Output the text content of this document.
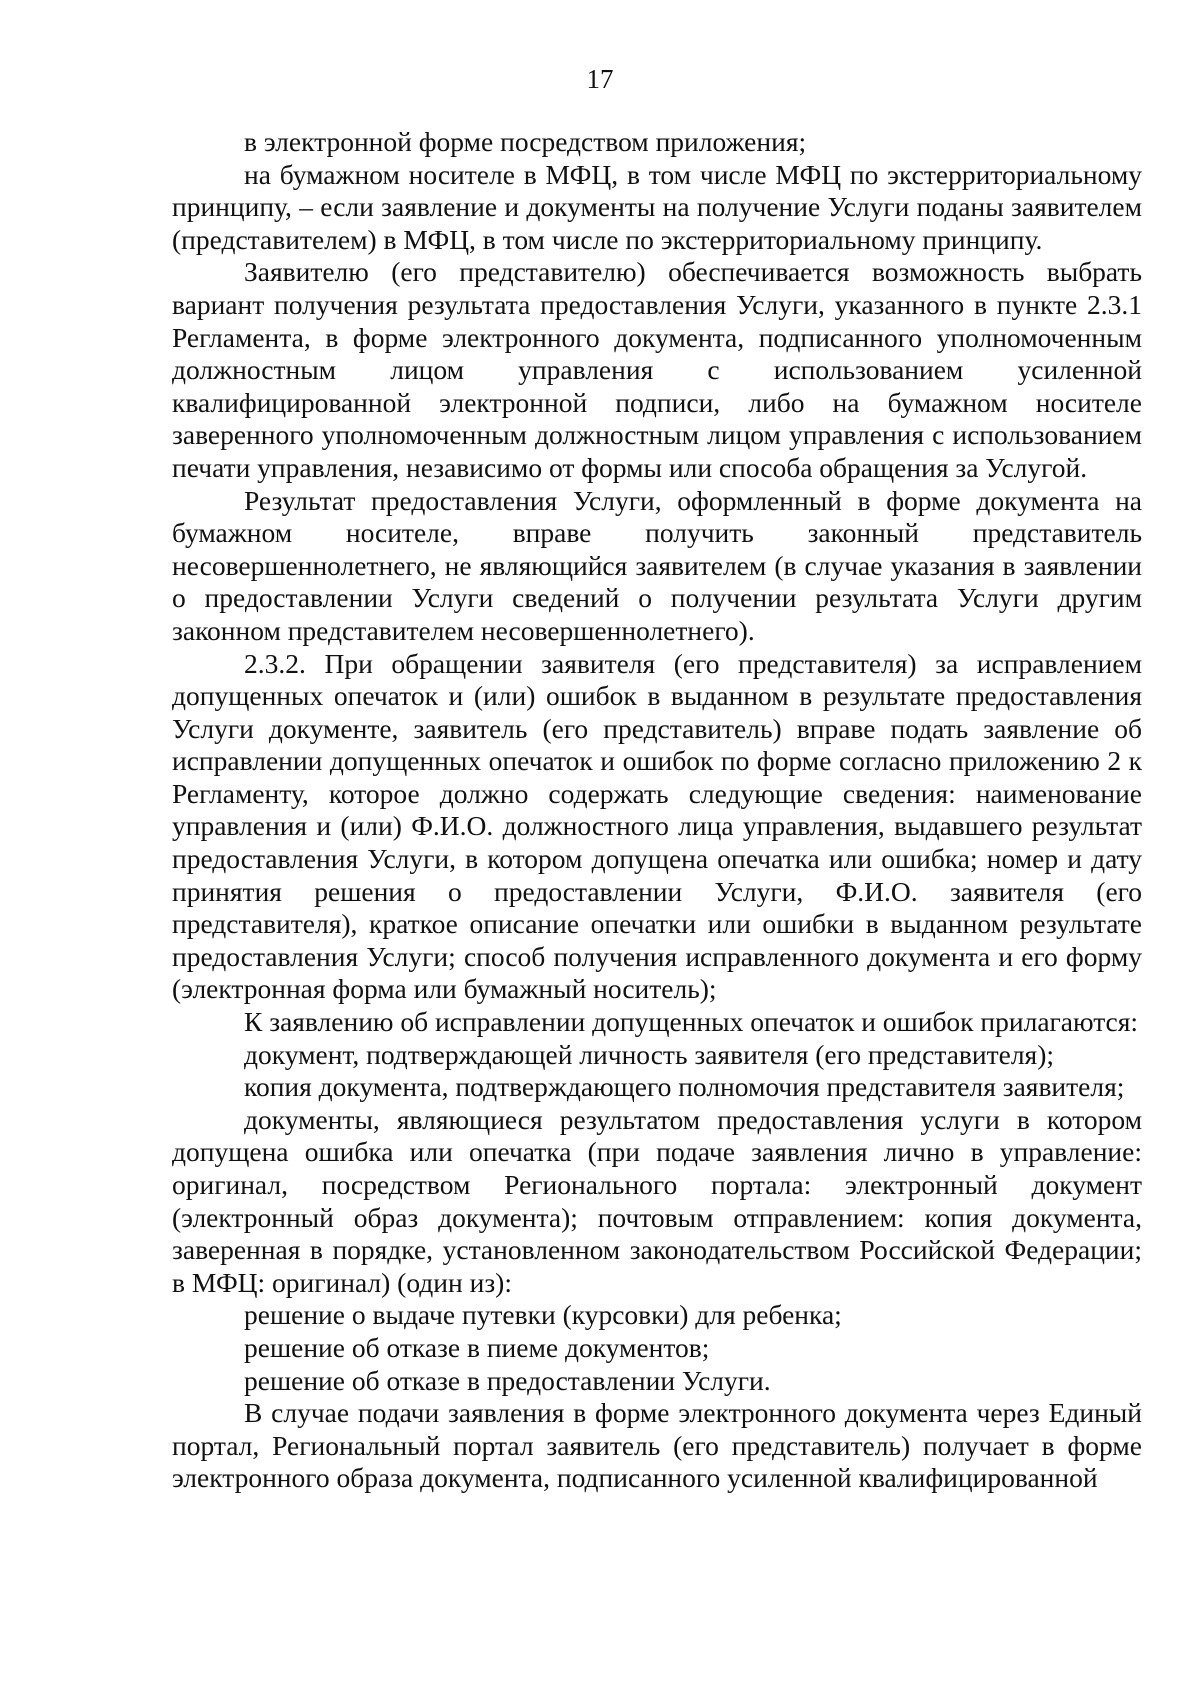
17

в электронной форме посредством приложения;

на бумажном носителе в МФЦ, в том числе МФЦ по экстерриториальному принципу, – если заявление и документы на получение Услуги поданы заявителем (представителем) в МФЦ, в том числе по экстерриториальному принципу.

Заявителю (его представителю) обеспечивается возможность выбрать вариант получения результата предоставления Услуги, указанного в пункте 2.3.1 Регламента, в форме электронного документа, подписанного уполномоченным должностным лицом управления с использованием усиленной квалифицированной электронной подписи, либо на бумажном носителе заверенного уполномоченным должностным лицом управления с использованием печати управления, независимо от формы или способа обращения за Услугой.

Результат предоставления Услуги, оформленный в форме документа на бумажном носителе, вправе получить законный представитель несовершеннолетнего, не являющийся заявителем (в случае указания в заявлении о предоставлении Услуги сведений о получении результата Услуги другим законном представителем несовершеннолетнего).

2.3.2. При обращении заявителя (его представителя) за исправлением допущенных опечаток и (или) ошибок в выданном в результате предоставления Услуги документе, заявитель (его представитель) вправе подать заявление об исправлении допущенных опечаток и ошибок по форме согласно приложению 2 к Регламенту, которое должно содержать следующие сведения: наименование управления и (или) Ф.И.О. должностного лица управления, выдавшего результат предоставления Услуги, в котором допущена опечатка или ошибка; номер и дату принятия решения о предоставлении Услуги, Ф.И.О. заявителя (его представителя), краткое описание опечатки или ошибки в выданном результате предоставления Услуги; способ получения исправленного документа и его форму (электронная форма или бумажный носитель);

К заявлению об исправлении допущенных опечаток и ошибок прилагаются:

документ, подтверждающей личность заявителя (его представителя);

копия документа, подтверждающего полномочия представителя заявителя;

документы, являющиеся результатом предоставления услуги в котором допущена ошибка или опечатка (при подаче заявления лично в управление: оригинал, посредством Регионального портала: электронный документ (электронный образ документа); почтовым отправлением: копия документа, заверенная в порядке, установленном законодательством Российской Федерации; в МФЦ: оригинал) (один из):

решение о выдаче путевки (курсовки) для ребенка;

решение об отказе в пиеме документов;

решение об отказе в предоставлении Услуги.

В случае подачи заявления в форме электронного документа через Единый портал, Региональный портал заявитель (его представитель) получает в форме электронного образа документа, подписанного усиленной квалифицированной
